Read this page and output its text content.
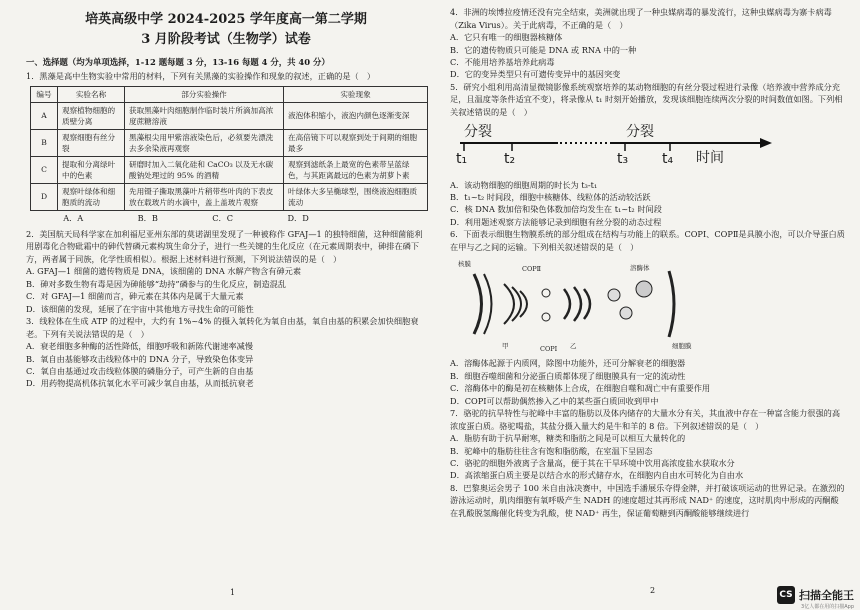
培英高级中学 2024-2025 学年度高一第二学期
3 月阶段考试（生物学）试卷
一、选择题（均为单项选择，1-12 题每题 3 分，13-16 每题 4 分，共 40 分）

1．黑藻是高中生物实验中常用的材料，下列有关黑藻的实验操作和现象的叙述，正确的是（　）

编号	实验名称	部分实验操作	实验现象
A	观察植物细胞的质壁分离	获取黑藻叶肉细胞制作临时装片所滴加高浓度蔗糖溶液	液泡体积缩小，液泡内颜色逐渐变深
B	观察细胞有丝分裂	黑藻根尖用甲紫溶液染色后，必须要先漂洗去多余染液再观察	在高倍镜下可以观察到处于间期的细胞最多
C	提取和分离绿叶中的色素	研磨时加入二氧化硅和 CaCO₃ 以及无水碳酸钠处理过的 95% 的酒精	观察到滤纸条上最宽的色素带呈蓝绿色，与其距离最远的色素为胡萝卜素
D	观察叶绿体和细胞质的流动	先用镊子撕取黑藻叶片稍带些叶肉的下表皮放在载玻片的水滴中，盖上盖玻片观察	叶绿体大多呈椭球型，围绕液泡细胞质流动
A．A	B．B	C．C	D．D

2．美国航天局科学家在加利福尼亚州东部的莫诺湖里发现了一种被称作 GFAJ—1 的独特细菌，这种细菌能利用剧毒化合物砒霜中的砷代替磷元素构筑生命分子，进行一些关键的生化反应（在元素周期表中，砷排在磷下方，两者属于同族，化学性质相似）。根据上述材料进行预测，下列说法错误的是（　）

A. GFAJ—1 细菌的遗传物质是 DNA，该细菌的 DNA 水解产物含有砷元素

B．砷对多数生物有毒是因为砷能够“劫持”磷参与的生化反应，制造混乱

C．对 GFAJ—1 细菌而言，砷元素在其体内是属于大量元素

D．该细菌的发现，延展了在宇宙中其他地方寻找生命的可能性

3．线粒体在生成 ATP 的过程中，大约有 1%~4% 的摄入氧转化为氧自由基，氧自由基的积累会加快细胞衰老。下列有关说法错误的是（　）

A．衰老细胞多种酶的活性降低，细胞呼吸和新陈代谢速率减慢

B．氧自由基能够攻击线粒体中的 DNA 分子，导致染色体变异

C．氧自由基通过攻击线粒体膜的磷脂分子，可产生新的自由基

D．用药物提高机体抗氧化水平可减少氧自由基，从而抵抗衰老

1

4．非洲的埃博拉疫情还没有完全结束，美洲就出现了一种虫媒病毒的暴发流行，这种虫媒病毒为寨卡病毒（Zika Virus）。关于此病毒，不正确的是（　）

A．它只有唯一的细胞器核糖体

B．它的遗传物质只可能是 DNA 或 RNA 中的一种

C．不能用培养基培养此病毒

D．它的变异类型只有可遗传变异中的基因突变

5．研究小组利用高清显微镜影像系统观察培养的某动物细胞的有丝分裂过程进行录像（培养液中营养成分充足，且温度等条件适宜不变），将录像从 t₁ 时刻开始播放，发现该细胞连续两次分裂的时间数值如图。下列相关叙述错误的是（　）

分裂	分裂
时间
t₁	t₂	t₃ t₄

A．该动物细胞的细胞周期的时长为 t₃-t₁

B．t₁~t₂ 时间段，细胞中核糖体、线粒体的活动较活跃

C．核 DNA 数加倍和染色体数加倍均发生在 t₁~t₂ 时间段

D．利用题述观察方法能够记录到细胞有丝分裂的动态过程

6．下面表示细胞生物膜系统的部分组成在结构与功能上的联系。COPⅠ、COPⅡ是具膜小泡，可以介导蛋白质在甲与乙之间的运输。下列相关叙述错误的是（　）

核膜
COPⅡ
甲	乙
COPⅠ
溶酶体
细胞膜

A．溶酶体起源于内质网，除图中功能外，还可分解衰老的细胞器

B．细胞吞噬细菌和分泌蛋白质都体现了细胞膜具有一定的流动性

C．溶酶体中的酶是初在核糖体上合成，在细胞自噬和凋亡中有重要作用

D．COPⅠ可以帮助偶然掺入乙中的某些蛋白质回收到甲中

7．骆驼的抗旱特性与驼峰中丰富的脂肪以及体内储存的大量水分有关，其血液中存在一种富含能力很强的高浓度蛋白质。骆驼喝盐，其盐分摄入量大约是牛和羊的 8 倍。下列叙述错误的是（　）

A．脂肪有助于抗旱耐寒，糖类和脂肪之间是可以相互大量转化的

B．驼峰中的脂肪往往含有饱和脂肪酸，在室温下呈固态

C．骆驼的细胞外液离子含量高，便于其在干旱环境中饮用高浓度盐水获取水分

D．高浓缩蛋白质主要是以结合水的形式储存水，在细胞内自由水可转化为自由水

8．巴黎奥运会男子 100 米自由泳决赛中，中国选手潘展乐夺得金牌，并打破该项运动的世界记录。在激烈的游泳运动时，肌肉细胞有氧呼吸产生 NADH 的速度超过其再形成 NAD⁺ 的速度，这时肌肉中形成的丙酮酸在乳酸脱氢酶催化转变为乳酸，使 NAD⁺ 再生，保证葡萄糖到丙酮酸能够继续进行

2	CS 扫描全能王
3亿人都在用的扫描App
